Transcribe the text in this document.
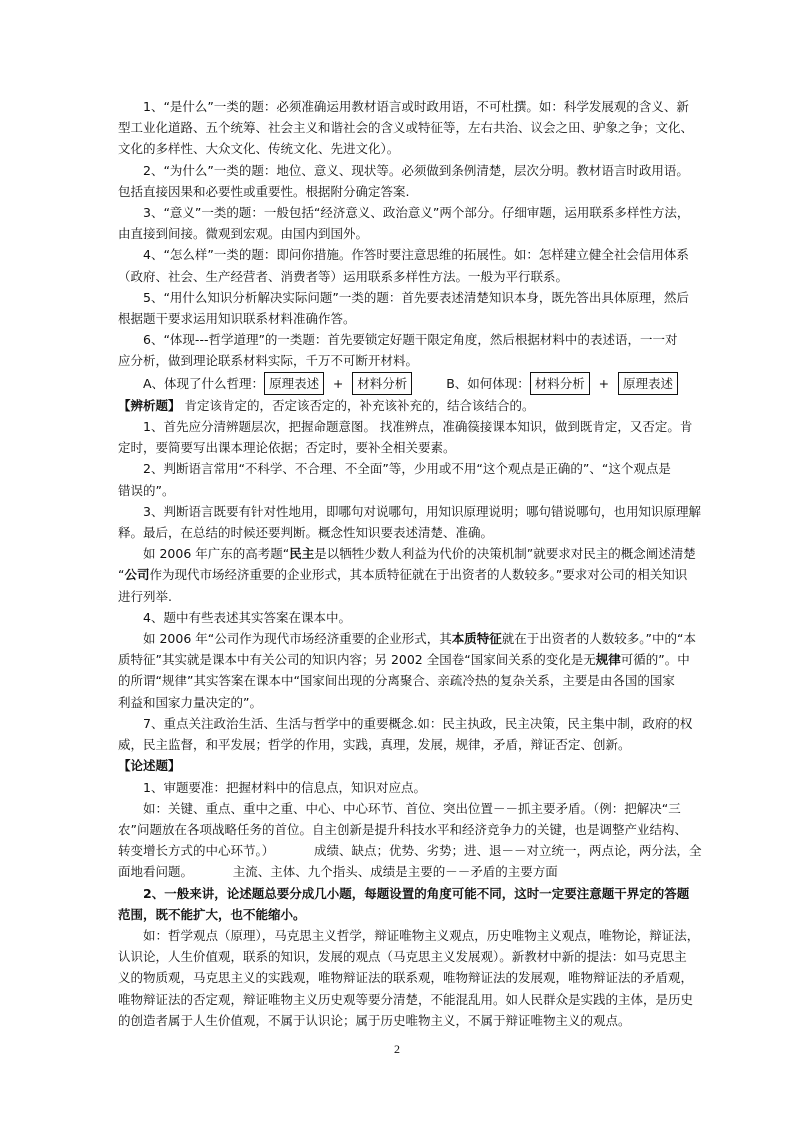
1、“是什么”一类的题：必须准确运用教材语言或时政用语，不可杜撰。如：科学发展观的含义、新
型工业化道路、五个统筹、社会主义和谐社会的含义或特征等，左右共治、议会之田、驴象之争；文化、
文化的多样性、大众文化、传统文化、先进文化）。
2、“为什么”一类的题：地位、意义、现状等。必须做到条例清楚，层次分明。教材语言时政用语。
包括直接因果和必要性或重要性。根据附分确定答案.
3、“意义”一类的题：一般包括“经济意义、政治意义”两个部分。仔细审题，运用联系多样性方法，
由直接到间接。微观到宏观。由国内到国外。
4、“怎么样”一类的题：即问你措施。作答时要注意思维的拓展性。如：怎样建立健全社会信用体系
（政府、社会、生产经营者、消费者等）运用联系多样性方法。一般为平行联系。
5、“用什么知识分析解决实际问题”一类的题：首先要表述清楚知识本身，既先答出具体原理，然后
根据题干要求运用知识联系材料准确作答。
6、“体现---哲学道理”的一类题：首先要锁定好题干限定角度，然后根据材料中的表述语，一一对
应分析，做到理论联系材料实际，千万不可断开材料。
A、体现了什么哲理： 原理表述	+	材料分析	B、如何体现： 材料分析	+	原理表述
【辨析题】 肯定该肯定的，否定该否定的，补充该补充的，结合该结合的。
1、首先应分清辨题层次，把握命题意图。 找准辨点，准确篌接课本知识，做到既肯定，又否定。肯
定时，要简要写出课本理论依据；否定时，要补全相关要素。
2、判断语言常用“不科学、不合理、不全面”等，少用或不用“这个观点是正确的”、“这个观点是
错误的”。
3、判断语言既要有针对性地用，即哪句对说哪句，用知识原理说明；哪句错说哪句，也用知识原理解
释。最后，在总结的时候还要判断。概念性知识要表述清楚、准确。
如 2006 年广东的高考题“民主是以牺牲少数人利益为代价的决策机制”就要求对民主的概念阐述清楚
“公司作为现代市场经济重要的企业形式，其本质特征就在于出资者的人数较多。”要求对公司的相关知识
进行列举.
4、题中有些表述其实答案在课本中。
如 2006 年“公司作为现代市场经济重要的企业形式，其本质特征就在于出资者的人数较多。”中的“本
质特征”其实就是课本中有关公司的知识内容；另 2002 全国卷“国家间关系的变化是无规律可循的”。中
的所谓“规律”其实答案在课本中“国家间出现的分离聚合、亲疏冷热的复杂关系，主要是由各国的国家
利益和国家力量决定的”。
7、重点关注政治生活、生活与哲学中的重要概念.如：民主执政，民主决策，民主集中制，政府的权
威，民主监督，和平发展；哲学的作用，实践，真理，发展，规律，矛盾，辩证否定、创新。
【论述题】
1、审题要准：把握材料中的信息点，知识对应点。
如：关键、重点、重中之重、中心、中心环节、首位、突出位置－－抓主要矛盾。（例：把解决“三
农”问题放在各项战略任务的首位。自主创新是提升科技水平和经济竞争力的关键，也是调整产业结构、
转变增长方式的中心环节。）          成绩、缺点；优势、劣势；进、退－－对立统一，两点论，两分法，全
面地看问题。          主流、主体、九个指头、成绩是主要的－－矛盾的主要方面
2、一般来讲，论述题总要分成几小题，每题设置的角度可能不同，这时一定要注意题干界定的答题
范围，既不能扩大，也不能缩小。
如：哲学观点（原理），马克思主义哲学，辩证唯物主义观点，历史唯物主义观点，唯物论，辩证法，
认识论，人生价值观，联系的知识，发展的观点（马克思主义发展观）。新教材中新的提法：如马克思主
义的物质观，马克思主义的实践观，唯物辩证法的联系观，唯物辩证法的发展观，唯物辩证法的矛盾观，
唯物辩证法的否定观，辩证唯物主义历史观等要分清楚，不能混乱用。如人民群众是实践的主体，是历史
的创造者属于人生价值观，不属于认识论；属于历史唯物主义，不属于辩证唯物主义的观点。
2
